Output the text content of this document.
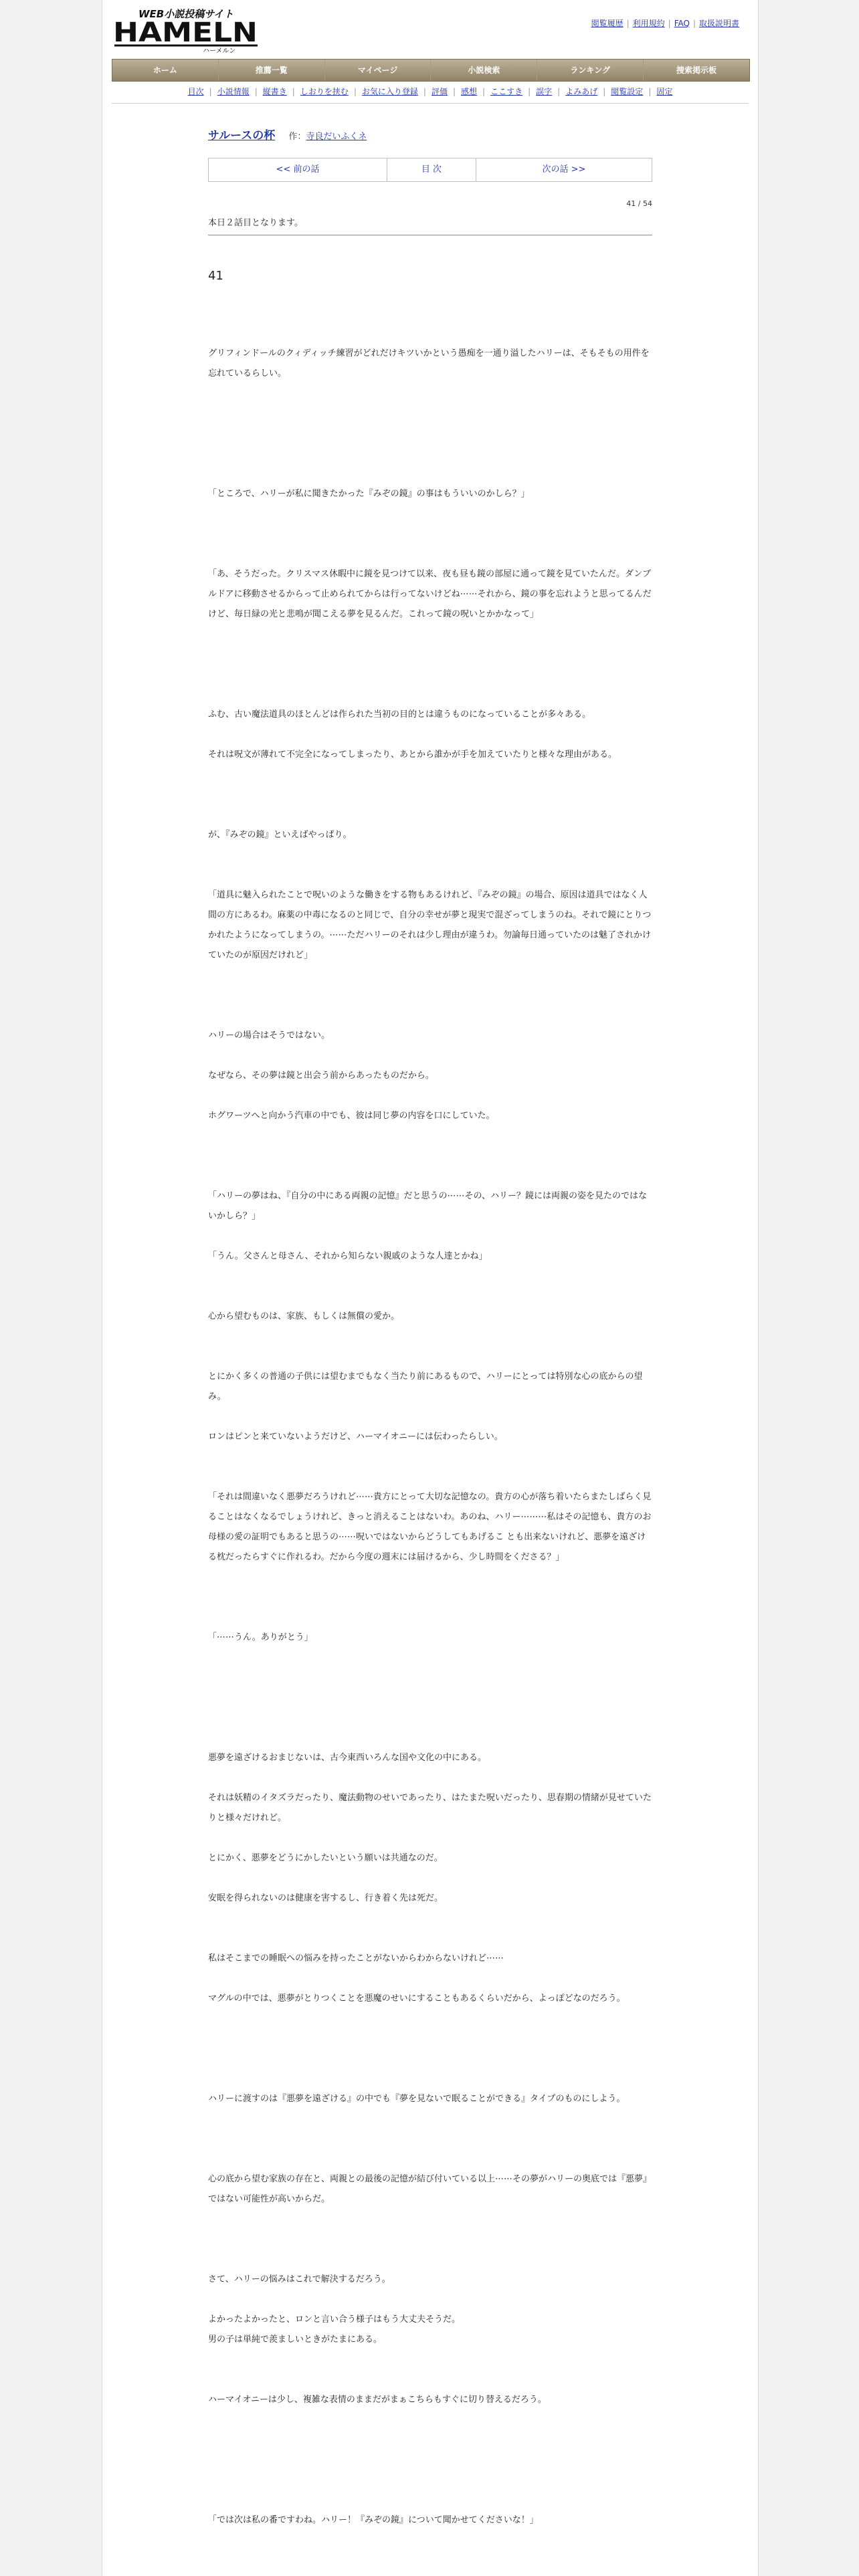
WEB小説投稿サイト
HAMELN
ハーメルン
閲覧履歴 | 利用規約 | FAQ | 取扱説明書
ホーム	推薦一覧	マイページ	小説検索	ランキング	捜索掲示板
目次 | 小説情報 | 縦書き | しおりを挟む | お気に入り登録 | 評価 | 感想 | ここすき | 誤字 | よみあげ | 閲覧設定 | 固定
サルースの杯 作：寺良だいふくネ
<< 前の話	目 次	次の話 >>
41 / 54
本日２話目となります。
41

グリフィンドールのクィディッチ練習がどれだけキツいかという愚痴を一通り溢したハリーは、そもそもの用件を忘れているらしい。

「ところで、ハリーが私に聞きたかった『みぞの鏡』の事はもういいのかしら？」

「あ、そうだった。クリスマス休暇中に鏡を見つけて以来、夜も昼も鏡の部屋に通って鏡を見ていたんだ。ダンブルドアに移動させるからって止められてからは行ってないけどね⋯⋯それから、鏡の事を忘れようと思ってるんだけど、毎日緑の光と悲鳴が聞こえる夢を見るんだ。これって鏡の呪いとかかなって」

ふむ、古い魔法道具のほとんどは作られた当初の目的とは違うものになっていることが多々ある。

それは呪文が薄れて不完全になってしまったり、あとから誰かが手を加えていたりと様々な理由がある。

が、『みぞの鏡』といえばやっぱり。

「道具に魅入られたことで呪いのような働きをする物もあるけれど、『みぞの鏡』の場合、原因は道具ではなく人間の方にあるわ。麻薬の中毒になるのと同じで、自分の幸せが夢と現実で混ざってしまうのね。それで鏡にとりつかれたようになってしまうの。⋯⋯ただハリーのそれは少し理由が違うわ。勿論毎日通っていたのは魅了されかけていたのが原因だけれど」

ハリーの場合はそうではない。

なぜなら、その夢は鏡と出会う前からあったものだから。

ホグワーツへと向かう汽車の中でも、彼は同じ夢の内容を口にしていた。

「ハリーの夢はね、『自分の中にある両親の記憶』だと思うの⋯⋯その、ハリー？鏡には両親の姿を見たのではないかしら？」

「うん。父さんと母さん、それから知らない親戚のような人達とかね」

心から望むものは、家族、もしくは無償の愛か。

とにかく多くの普通の子供には望むまでもなく当たり前にあるもので、ハリーにとっては特別な心の底からの望み。

ロンはピンと来ていないようだけど、ハーマイオニーには伝わったらしい。

「それは間違いなく悪夢だろうけれど⋯⋯貴方にとって大切な記憶なの。貴方の心が落ち着いたらまたしばらく見ることはなくなるでしょうけれど、きっと消えることはないわ。あのね、ハリー⋯⋯⋯私はその記憶も、貴方のお母様の愛の証明でもあると思うの⋯⋯呪いではないからどうしてもあげるこ とも出来ないけれど、悪夢を遠ざける枕だったらすぐに作れるわ。だから今度の週末には届けるから、少し時間をくださる？」

「⋯⋯うん。ありがとう」

悪夢を遠ざけるおまじないは、古今東西いろんな国や文化の中にある。

それは妖精のイタズラだったり、魔法動物のせいであったり、はたまた呪いだったり、思春期の情緒が見せていたりと様々だけれど。

とにかく、悪夢をどうにかしたいという願いは共通なのだ。

安眠を得られないのは健康を害するし、行き着く先は死だ。

私はそこまでの睡眠への悩みを持ったことがないからわからないけれど⋯⋯

マグルの中では、悪夢がとりつくことを悪魔のせいにすることもあるくらいだから、よっぽどなのだろう。

ハリーに渡すのは『悪夢を遠ざける』の中でも『夢を見ないで眠ることができる』タイプのものにしよう。

心の底から望む家族の存在と、両親との最後の記憶が結び付いている以上⋯⋯その夢がハリーの奥底では『悪夢』ではない可能性が高いからだ。

さて、ハリーの悩みはこれで解決するだろう。

よかったよかったと、ロンと言い合う様子はもう大丈夫そうだ。
男の子は単純で羨ましいときがたまにある。

ハーマイオニーは少し、複雑な表情のままだがまぁこちらもすぐに切り替えるだろう。

「では次は私の番ですわね。ハリー！『みぞの鏡』について聞かせてくださいな！」
